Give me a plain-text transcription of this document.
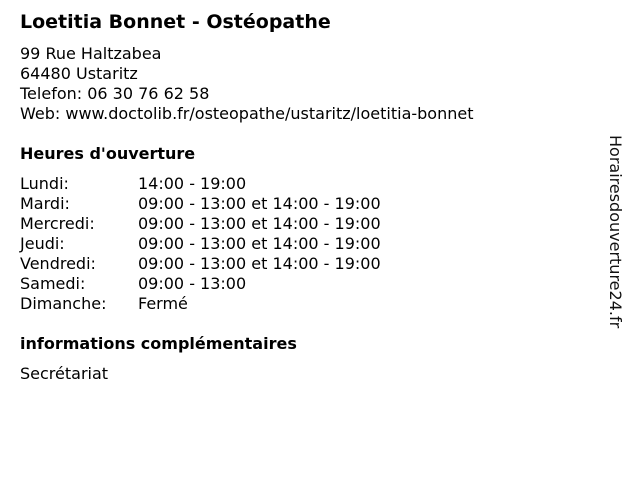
Loetitia Bonnet - Ostéopathe
99 Rue Haltzabea
64480 Ustaritz
Telefon: 06 30 76 62 58
Web: www.doctolib.fr/osteopathe/ustaritz/loetitia-bonnet
Heures d'ouverture
Lundi:	14:00 - 19:00
Mardi:	09:00 - 13:00 et 14:00 - 19:00
Mercredi:	09:00 - 13:00 et 14:00 - 19:00
Jeudi:	09:00 - 13:00 et 14:00 - 19:00
Vendredi:	09:00 - 13:00 et 14:00 - 19:00
Samedi:	09:00 - 13:00
Dimanche:	Fermé
informations complémentaires
Secrétariat
Horairesdouverture24.fr
